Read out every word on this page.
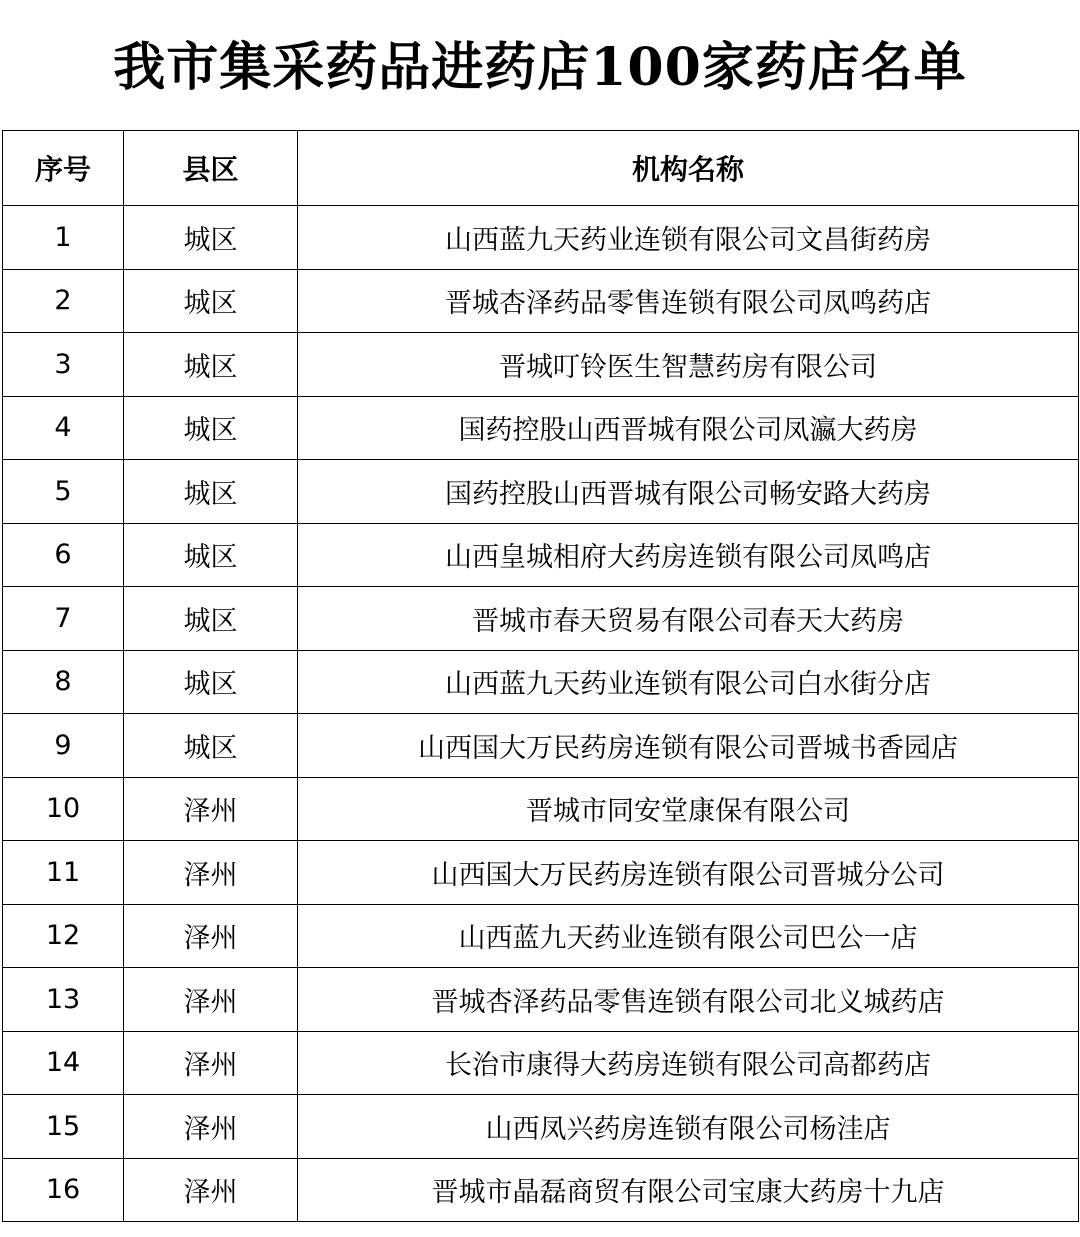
我市集采药品进药店100家药店名单
序号	县区	机构名称
1	城区	山西蓝九天药业连锁有限公司文昌街药房
2	城区	晋城杏泽药品零售连锁有限公司凤鸣药店
3	城区	晋城叮铃医生智慧药房有限公司
4	城区	国药控股山西晋城有限公司凤瀛大药房
5	城区	国药控股山西晋城有限公司畅安路大药房
6	城区	山西皇城相府大药房连锁有限公司凤鸣店
7	城区	晋城市春天贸易有限公司春天大药房
8	城区	山西蓝九天药业连锁有限公司白水街分店
9	城区	山西国大万民药房连锁有限公司晋城书香园店
10	泽州	晋城市同安堂康保有限公司
11	泽州	山西国大万民药房连锁有限公司晋城分公司
12	泽州	山西蓝九天药业连锁有限公司巴公一店
13	泽州	晋城杏泽药品零售连锁有限公司北义城药店
14	泽州	长治市康得大药房连锁有限公司高都药店
15	泽州	山西凤兴药房连锁有限公司杨洼店
16	泽州	晋城市晶磊商贸有限公司宝康大药房十九店
